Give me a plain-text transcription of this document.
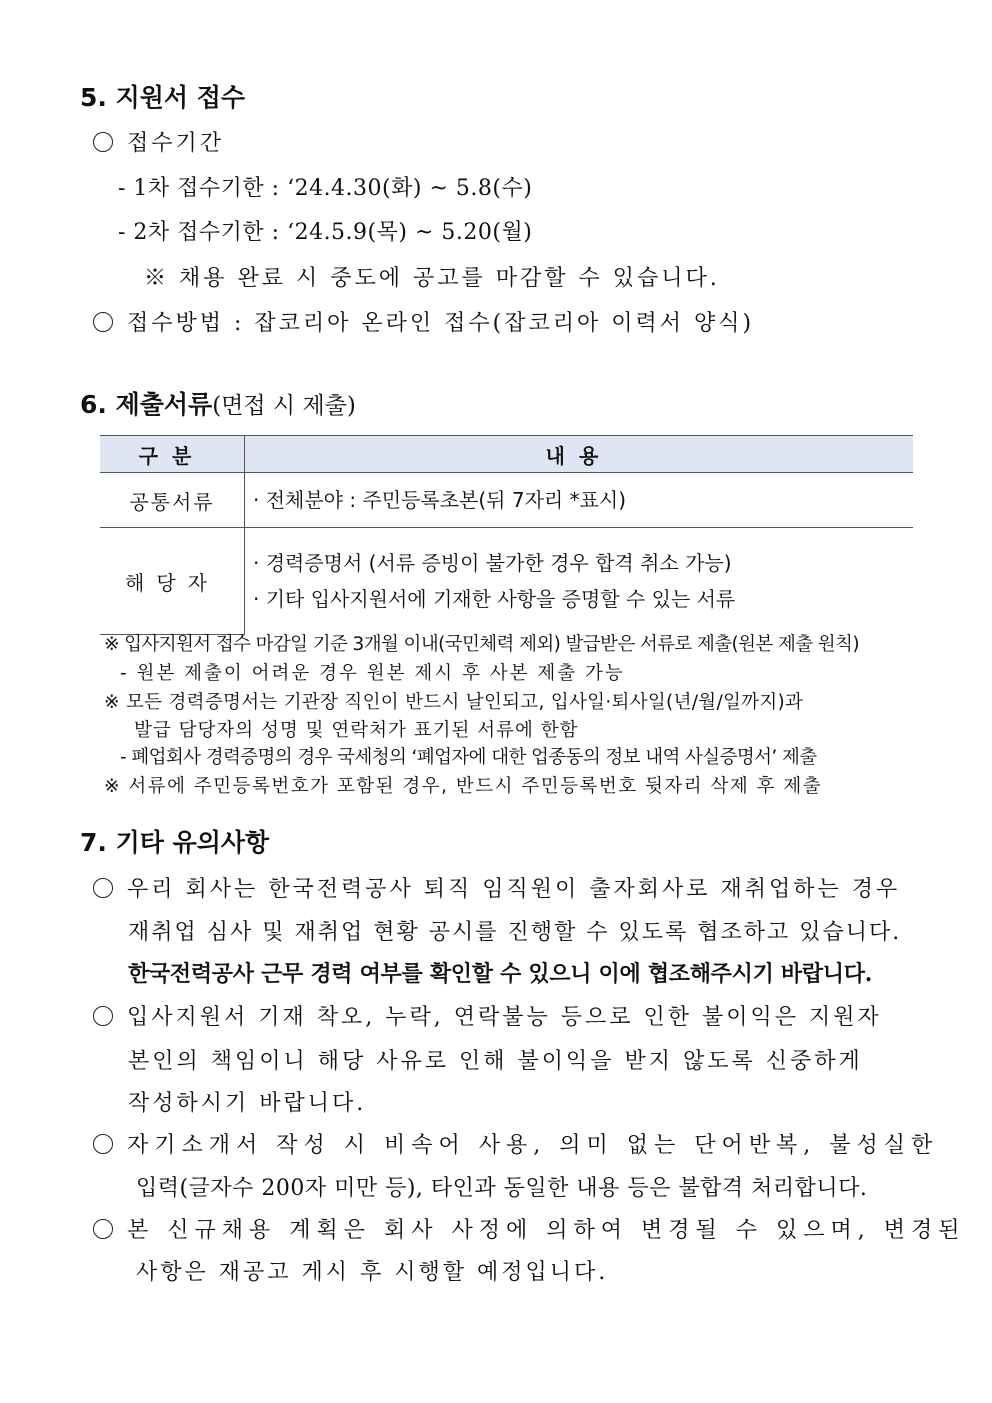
5. 지원서 접수
접수기간
- 1차 접수기한 : ‘24.4.30(화) ~ 5.8(수)
- 2차 접수기한 : ‘24.5.9(목) ~ 5.20(월)
※ 채용 완료 시 중도에 공고를 마감할 수 있습니다.
접수방법 : 잡코리아 온라인 접수(잡코리아 이력서 양식)
6. 제출서류(면접 시 제출)
구분	내용
공통서류	· 전체분야 : 주민등록초본(뒤 7자리 *표시)

해당자	· 경력증명서 (서류 증빙이 불가한 경우 합격 취소 가능)
· 기타 입사지원서에 기재한 사항을 증명할 수 있는 서류
※ 입사지원서 접수 마감일 기준 3개월 이내(국민체력 제외) 발급받은 서류로 제출(원본 제출 원칙)
- 원본 제출이 어려운 경우 원본 제시 후 사본 제출 가능
※ 모든 경력증명서는 기관장 직인이 반드시 날인되고, 입사일·퇴사일(년/월/일까지)과
발급 담당자의 성명 및 연락처가 표기된 서류에 한함
- 폐업회사 경력증명의 경우 국세청의 ‘폐업자에 대한 업종동의 정보 내역 사실증명서’ 제출
※ 서류에 주민등록번호가 포함된 경우, 반드시 주민등록번호 뒷자리 삭제 후 제출
7. 기타 유의사항
우리 회사는 한국전력공사 퇴직 임직원이 출자회사로 재취업하는 경우
재취업 심사 및 재취업 현황 공시를 진행할 수 있도록 협조하고 있습니다.
한국전력공사 근무 경력 여부를 확인할 수 있으니 이에 협조해주시기 바랍니다.
입사지원서 기재 착오, 누락, 연락불능 등으로 인한 불이익은 지원자
본인의 책임이니 해당 사유로 인해 불이익을 받지 않도록 신중하게
작성하시기 바랍니다.
자기소개서 작성 시 비속어 사용, 의미 없는 단어반복, 불성실한
입력(글자수 200자 미만 등), 타인과 동일한 내용 등은 불합격 처리합니다.
본 신규채용 계획은 회사 사정에 의하여 변경될 수 있으며, 변경된
사항은 재공고 게시 후 시행할 예정입니다.
